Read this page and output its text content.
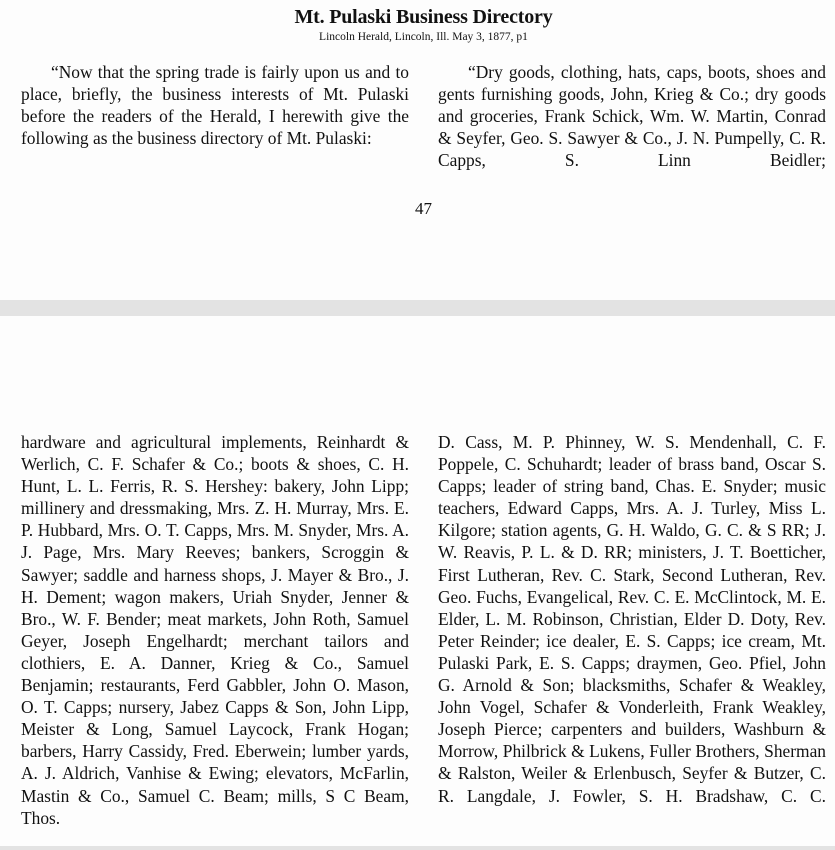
Mt. Pulaski Business Directory
Lincoln Herald, Lincoln, Ill. May 3, 1877, p1
“Now that the spring trade is fairly upon us and to place, briefly, the business interests of Mt. Pulaski before the readers of the Herald, I herewith give the following as the business directory of Mt. Pulaski:
“Dry goods, clothing, hats, caps, boots, shoes and gents furnishing goods, John, Krieg & Co.; dry goods and groceries, Frank Schick, Wm. W. Martin, Conrad & Seyfer, Geo. S. Sawyer & Co., J. N. Pumpelly, C. R. Capps, S. Linn Beidler;
47
hardware and agricultural implements, Reinhardt & Werlich, C. F. Schafer & Co.; boots & shoes, C. H. Hunt, L. L. Ferris, R. S. Hershey: bakery, John Lipp; millinery and dressmaking, Mrs. Z. H. Murray, Mrs. E. P. Hubbard, Mrs. O. T. Capps, Mrs. M. Snyder, Mrs. A. J. Page, Mrs. Mary Reeves; bankers, Scroggin & Sawyer; saddle and harness shops, J. Mayer & Bro., J. H. Dement; wagon makers, Uriah Snyder, Jenner & Bro., W. F. Bender; meat markets, John Roth, Samuel Geyer, Joseph Engelhardt; merchant tailors and clothiers, E. A. Danner, Krieg & Co., Samuel Benjamin; restaurants, Ferd Gabbler, John O. Mason, O. T. Capps; nursery, Jabez Capps & Son, John Lipp, Meister & Long, Samuel Laycock, Frank Hogan; barbers, Harry Cassidy, Fred. Eberwein; lumber yards, A. J. Aldrich, Vanhise & Ewing; elevators, McFarlin, Mastin & Co., Samuel C. Beam; mills, S C Beam, Thos.
D. Cass, M. P. Phinney, W. S. Mendenhall, C. F. Poppele, C. Schuhardt; leader of brass band, Oscar S. Capps; leader of string band, Chas. E. Snyder; music teachers, Edward Capps, Mrs. A. J. Turley, Miss L. Kilgore; station agents, G. H. Waldo, G. C. & S RR; J. W. Reavis, P. L. & D. RR; ministers, J. T. Boetticher, First Lutheran, Rev. C. Stark, Second Lutheran, Rev. Geo. Fuchs, Evangelical, Rev. C. E. McClintock, M. E. Elder, L. M. Robinson, Christian, Elder D. Doty, Rev. Peter Reinder; ice dealer, E. S. Capps; ice cream, Mt. Pulaski Park, E. S. Capps; draymen, Geo. Pfiel, John G. Arnold & Son; blacksmiths, Schafer & Weakley, John Vogel, Schafer & Vonderleith, Frank Weakley, Joseph Pierce; carpenters and builders, Washburn & Morrow, Philbrick & Lukens, Fuller Brothers, Sherman & Ralston, Weiler & Erlenbusch, Seyfer & Butzer, C. R. Langdale, J. Fowler, S. H. Bradshaw, C. C.
